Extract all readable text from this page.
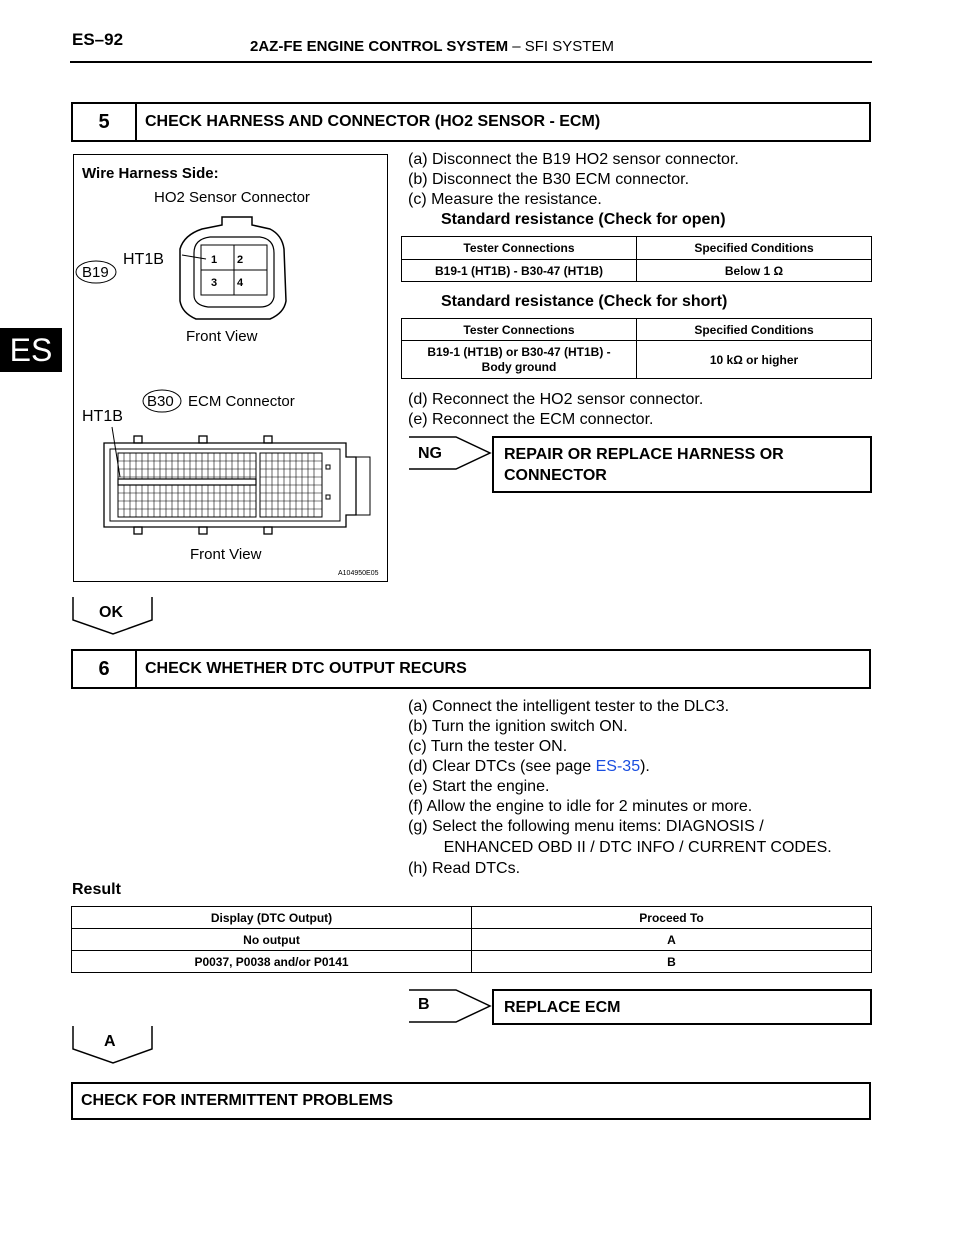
ES–92	2AZ-FE ENGINE CONTROL SYSTEM – SFI SYSTEM
ES
5	CHECK HARNESS AND CONNECTOR (HO2 SENSOR - ECM)
Wire Harness Side:
HO2 Sensor Connector
1 2
3 4
HT1B
B19
Front View
B30 ECM Connector
HT1B
Front View
A104950E05
(a) Disconnect the B19 HO2 sensor connector.
(b) Disconnect the B30 ECM connector.
(c) Measure the resistance.
Standard resistance (Check for open)
Tester Connections	Specified Conditions
B19-1 (HT1B) - B30-47 (HT1B)	Below 1 Ω
Standard resistance (Check for short)
Tester Connections	Specified Conditions

B19-1 (HT1B) or B30-47 (HT1B) -
Body ground	10 kΩ or higher
(d) Reconnect the HO2 sensor connector.
(e) Reconnect the ECM connector.
NG	REPAIR OR REPLACE HARNESS OR
CONNECTOR
OK
6	CHECK WHETHER DTC OUTPUT RECURS
(a) Connect the intelligent tester to the DLC3.
(b) Turn the ignition switch ON.
(c) Turn the tester ON.
(d) Clear DTCs (see page ES-35).
(e) Start the engine.
(f) Allow the engine to idle for 2 minutes or more.
(g) Select the following menu items: DIAGNOSIS /
ENHANCED OBD II / DTC INFO / CURRENT CODES.
(h) Read DTCs.
Result
Display (DTC Output)	Proceed To
No output	A
P0037, P0038 and/or P0141	B
B	REPLACE ECM
A
CHECK FOR INTERMITTENT PROBLEMS
